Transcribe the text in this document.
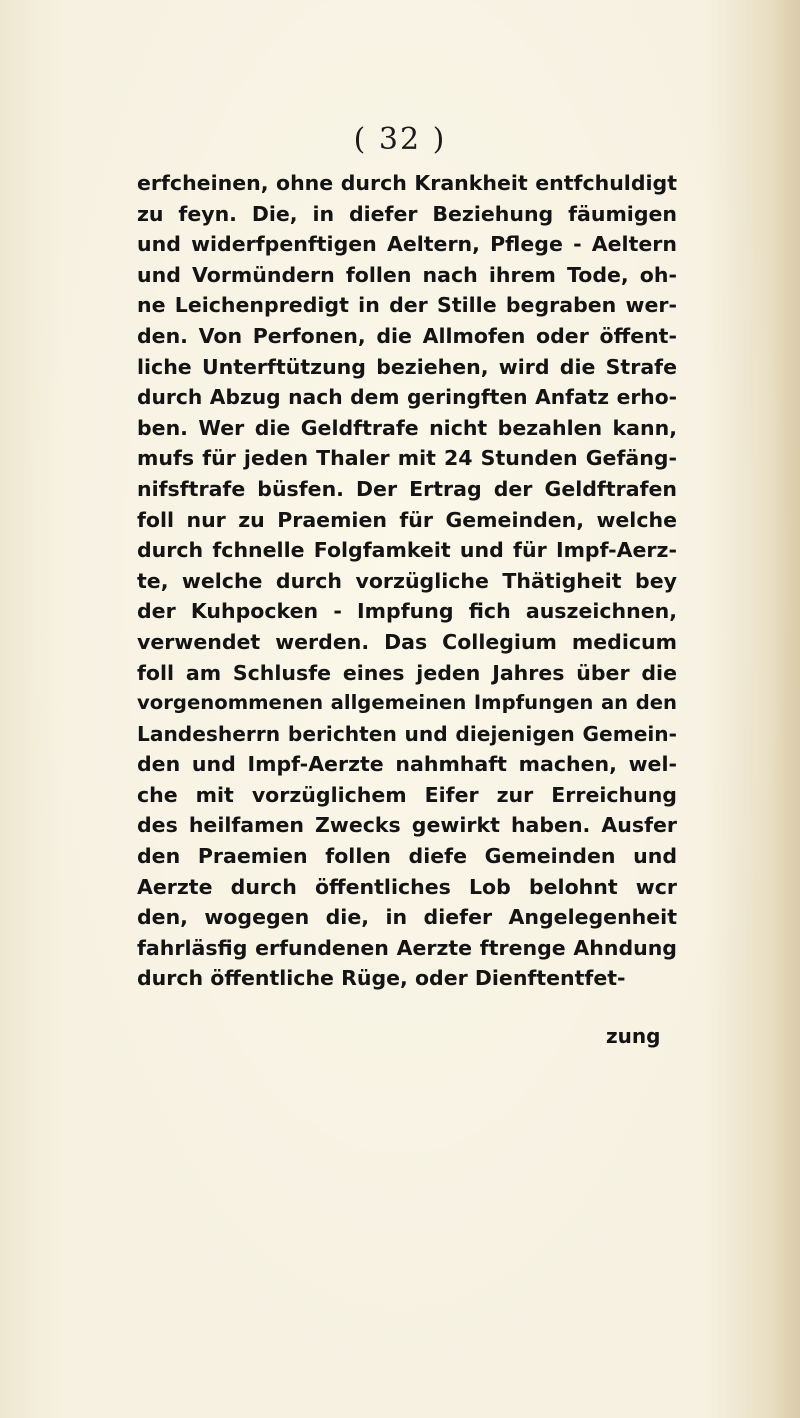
( 32 )
erfcheinen, ohne durch Krankheit entfchuldigt
zu feyn. Die, in diefer Beziehung fäumigen
und widerfpenftigen Aeltern, Pflege - Aeltern
und Vormündern follen nach ihrem Tode, oh-
ne Leichenpredigt in der Stille begraben wer-
den. Von Perfonen, die Allmofen oder öffent-
liche Unterftützung beziehen, wird die Strafe
durch Abzug nach dem geringften Anfatz erho-
ben. Wer die Geldftrafe nicht bezahlen kann,
mufs für jeden Thaler mit 24 Stunden Gefäng-
nifsftrafe büsfen. Der Ertrag der Geldftrafen
foll nur zu Praemien für Gemeinden, welche
durch fchnelle Folgfamkeit und für Impf-Aerz-
te, welche durch vorzügliche Thätigheit bey
der Kuhpocken - Impfung fich auszeichnen,
verwendet werden. Das Collegium medicum
foll am Schlusfe eines jeden Jahres über die
vorgenommenen allgemeinen Impfungen an den
Landesherrn berichten und diejenigen Gemein-
den und Impf-Aerzte nahmhaft machen, wel-
che mit vorzüglichem Eifer zur Erreichung
des heilfamen Zwecks gewirkt haben. Ausfer
den Praemien follen diefe Gemeinden und
Aerzte durch öffentliches Lob belohnt wcr
den, wogegen die, in diefer Angelegenheit
fahrläsfig erfundenen Aerzte ftrenge Ahndung
durch öffentliche Rüge, oder Dienftentfet-
zung
